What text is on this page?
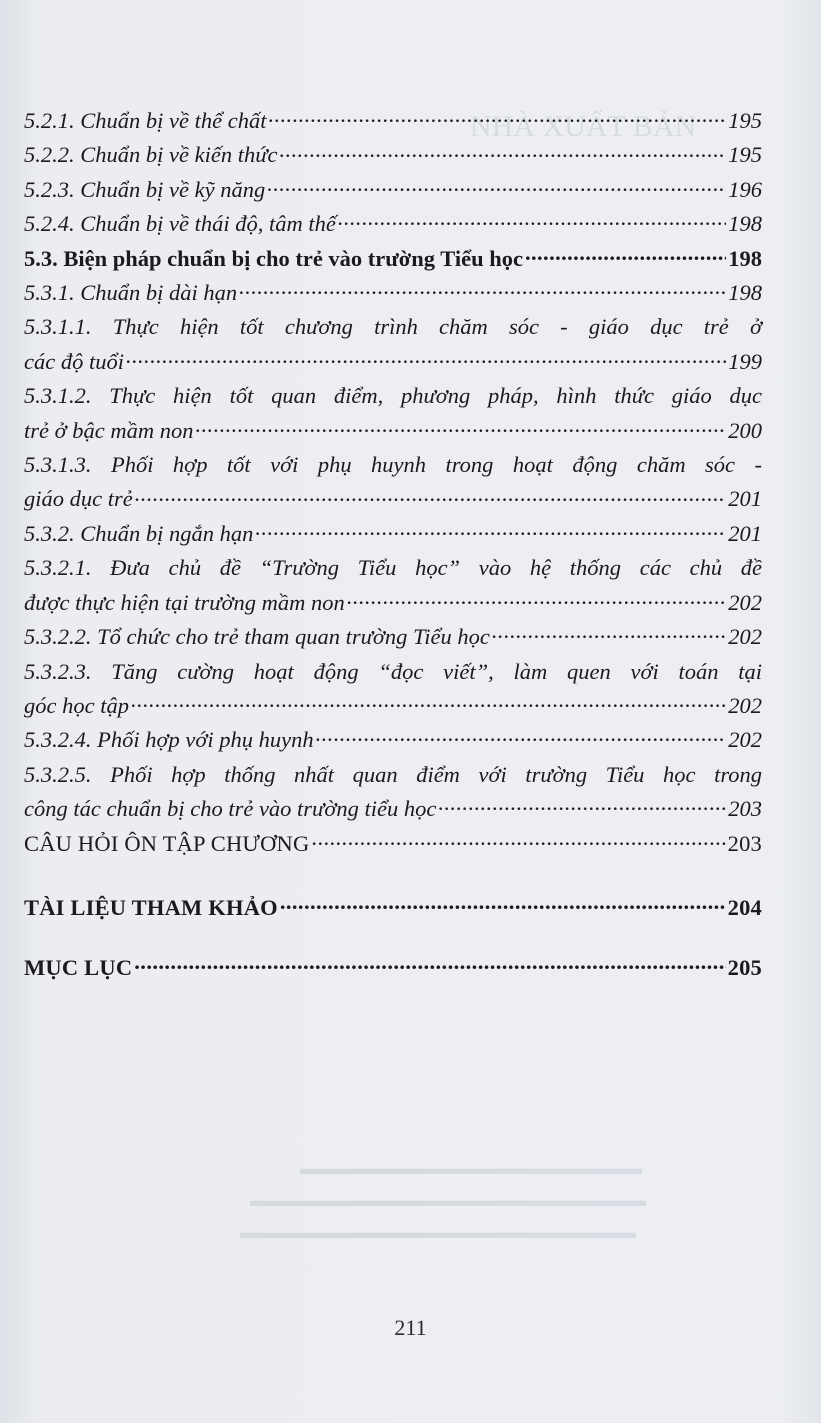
NHÀ XUẤT BẢN
▬▬▬▬▬▬▬▬▬▬▬▬▬▬▬▬▬▬▬
▬▬▬▬▬▬▬▬▬▬▬▬▬▬▬▬▬▬▬▬▬▬
▬▬▬▬▬▬▬▬▬▬▬▬▬▬▬▬▬▬▬▬▬▬
5.2.1. Chuẩn bị về thể chất .....	195
5.2.2. Chuẩn bị về kiến thức .....	195
5.2.3. Chuẩn bị về kỹ năng .....	196
5.2.4. Chuẩn bị về thái độ, tâm thế .....	198
5.3. Biện pháp chuẩn bị cho trẻ vào trường Tiểu học .....	198
5.3.1. Chuẩn bị dài hạn .....	198
5.3.1.1. Thực hiện tốt chương trình chăm sóc - giáo dục trẻ ở
các độ tuổi .....	199
5.3.1.2. Thực hiện tốt quan điểm, phương pháp, hình thức giáo dục
trẻ ở bậc mầm non .....	200
5.3.1.3. Phối hợp tốt với phụ huynh trong hoạt động chăm sóc -
giáo dục trẻ .....	201
5.3.2. Chuẩn bị ngắn hạn .....	201
5.3.2.1. Đưa chủ đề “Trường Tiểu học” vào hệ thống các chủ đề
được thực hiện tại trường mầm non .....	202
5.3.2.2. Tổ chức cho trẻ tham quan trường Tiểu học .....	202
5.3.2.3. Tăng cường hoạt động “đọc viết”, làm quen với toán tại
góc học tập .....	202
5.3.2.4. Phối hợp với phụ huynh .....	202
5.3.2.5. Phối hợp thống nhất quan điểm với trường Tiểu học trong
công tác chuẩn bị cho trẻ vào trường tiểu học .....	203
CÂU HỎI ÔN TẬP CHƯƠNG .....	203
TÀI LIỆU THAM KHẢO .....	204
MỤC LỤC .....	205
211
